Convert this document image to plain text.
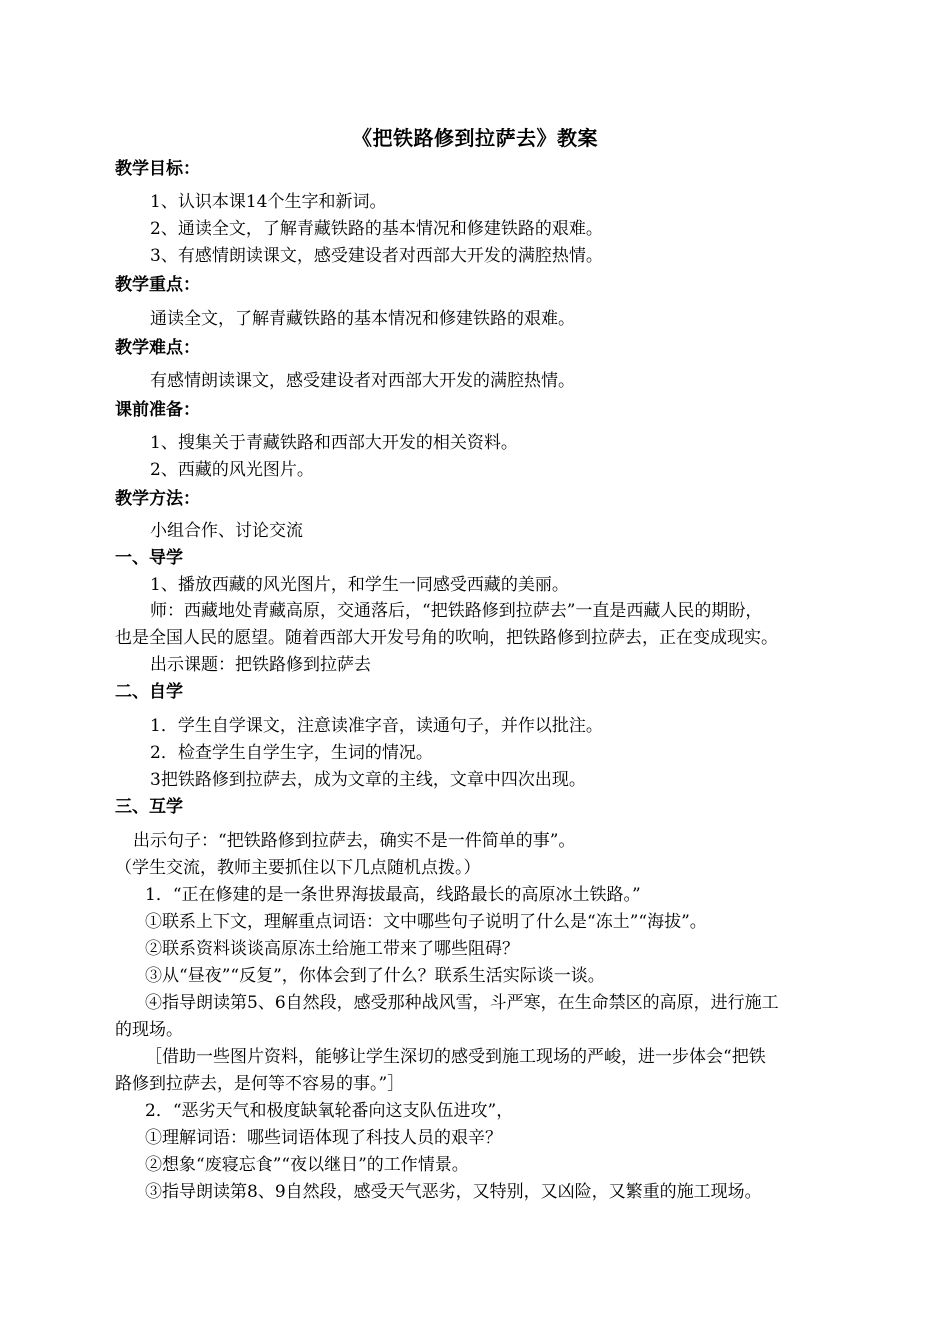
《把铁路修到拉萨去》教案
教学目标：
1、认识本课14个生字和新词。
2、通读全文，了解青藏铁路的基本情况和修建铁路的艰难。
3、有感情朗读课文，感受建设者对西部大开发的满腔热情。
教学重点：
通读全文，了解青藏铁路的基本情况和修建铁路的艰难。
教学难点：
有感情朗读课文，感受建设者对西部大开发的满腔热情。
课前准备：
1、搜集关于青藏铁路和西部大开发的相关资料。
2、西藏的风光图片。
教学方法：
小组合作、讨论交流
一、导学
1、播放西藏的风光图片，和学生一同感受西藏的美丽。
师：西藏地处青藏高原，交通落后，“把铁路修到拉萨去”一直是西藏人民的期盼，
也是全国人民的愿望。随着西部大开发号角的吹响，把铁路修到拉萨去，正在变成现实。
出示课题：把铁路修到拉萨去
二、自学
1．学生自学课文，注意读准字音，读通句子，并作以批注。
2．检查学生自学生字，生词的情况。
3把铁路修到拉萨去，成为文章的主线，文章中四次出现。
三、互学
出示句子：“把铁路修到拉萨去，确实不是一件简单的事”。
（学生交流，教师主要抓住以下几点随机点拨。）
1．“正在修建的是一条世界海拔最高，线路最长的高原冰土铁路。”
①联系上下文，理解重点词语：文中哪些句子说明了什么是“冻土”“海拔”。
②联系资料谈谈高原冻土给施工带来了哪些阻碍？
③从“昼夜”“反复”，你体会到了什么？联系生活实际谈一谈。
④指导朗读第5、6自然段，感受那种战风雪，斗严寒，在生命禁区的高原，进行施工
的现场。
［借助一些图片资料，能够让学生深切的感受到施工现场的严峻，进一步体会“把铁
路修到拉萨去，是何等不容易的事。”］
2．“恶劣天气和极度缺氧轮番向这支队伍进攻”，
①理解词语：哪些词语体现了科技人员的艰辛？
②想象“废寝忘食”“夜以继日”的工作情景。
③指导朗读第8、9自然段，感受天气恶劣，又特别，又凶险，又繁重的施工现场。
